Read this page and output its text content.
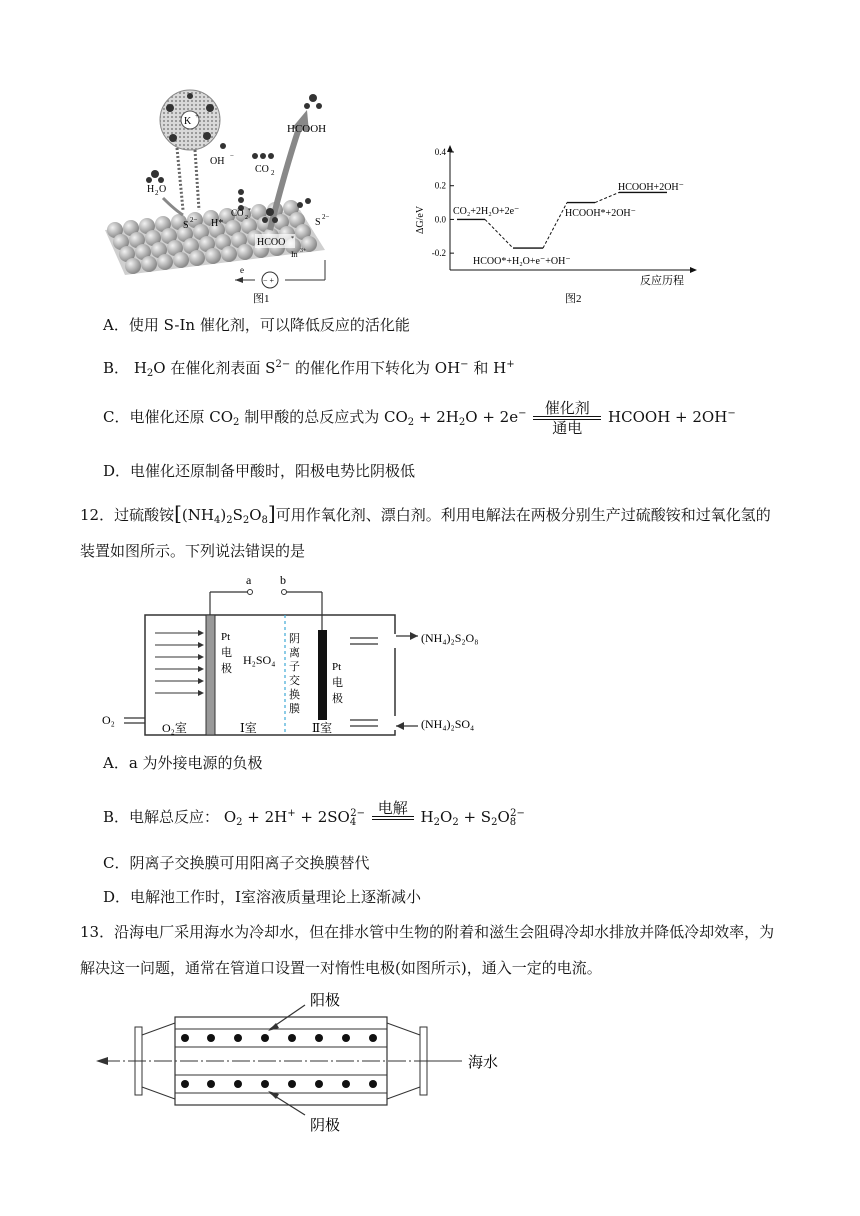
K +
HCOOH
OH −
CO 2
H 2 O
S 2− H*
CO 2
*
S 2−
HCOO *
In 3+
e
− +
图1
0.4
0.2
0.0
-0.2
ΔG/eV
反应历程
CO₂+2H₂O+2e⁻
HCOO*+H₂O+e⁻+OH⁻
HCOOH*+2OH⁻
HCOOH+2OH⁻
图2
A．使用 S-In 催化剂，可以降低反应的活化能
B． $H_2O$ 在催化剂表面 $S^{2-}$ 的催化作用下转化为 OH− 和 H+
C．电催化还原 $CO_2$ 制甲酸的总反应式为 $CO_2 + 2H_2O + 2e^-$	催化剂
通电
HCOOH + 2OH−
D．电催化还原制备甲酸时，阳极电势比阴极低
12．过硫酸铵$[(NH_4)_2S_2O_8]$可用作氧化剂、漂白剂。利用电解法在两极分别生产过硫酸铵和过氧化氢的
装置如图所示。下列说法错误的是
a b
Pt
电
极
H₂SO₄
阴
离
子
交
换
膜
Pt
电
极
(NH₄)₂S₂O₈
(NH₄)₂SO₄
O₂
O₂室	Ⅰ室	Ⅱ室
A．a 为外接电源的负极
B．电解总反应： $O_2 + 2H^+ + 2SO_4^{2-}$ 电解
$H_2O_2 + S_2O_8^{2-}$
C．阴离子交换膜可用阳离子交换膜替代
D．电解池工作时，Ⅰ室溶液质量理论上逐渐减小
13．沿海电厂采用海水为冷却水，但在排水管中生物的附着和滋生会阻碍冷却水排放并降低冷却效率，为
解决这一问题，通常在管道口设置一对惰性电极(如图所示)，通入一定的电流。
海水
阳极
阴极
